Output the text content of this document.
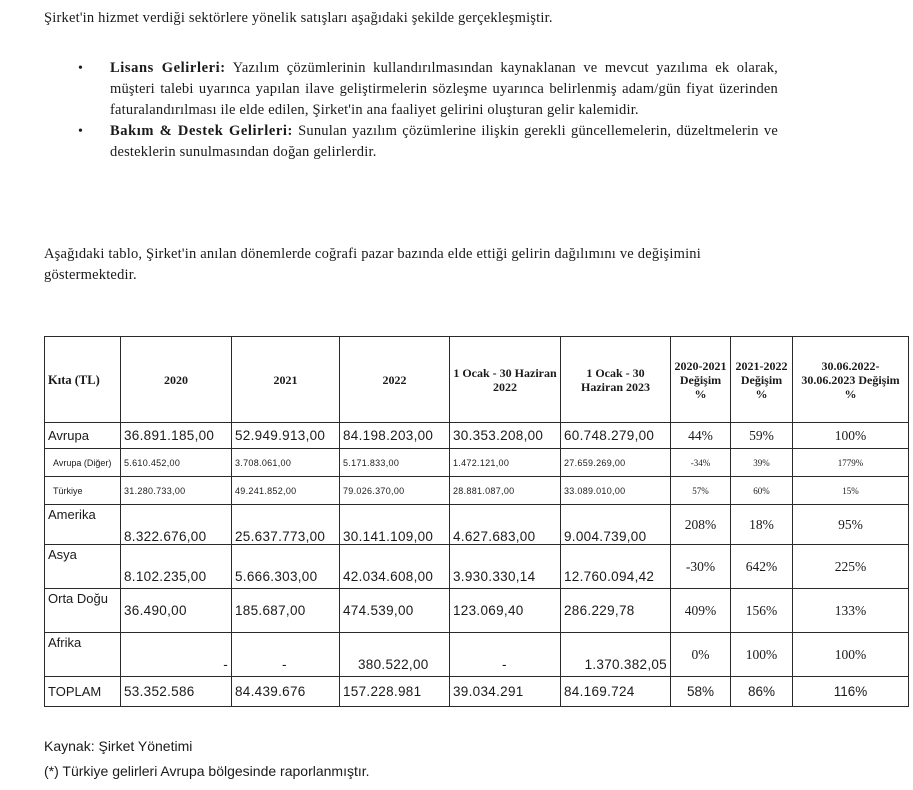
Şirket'in hizmet verdiği sektörlere yönelik satışları aşağıdaki şekilde gerçekleşmiştir.
• Lisans Gelirleri: Yazılım çözümlerinin kullandırılmasından kaynaklanan ve mevcut yazılıma ek olarak, müşteri talebi uyarınca yapılan ilave geliştirmelerin sözleşme uyarınca belirlenmiş adam/gün fiyat üzerinden faturalandırılması ile elde edilen, Şirket'in ana faaliyet gelirini oluşturan gelir kalemidir.
• Bakım & Destek Gelirleri: Sunulan yazılım çözümlerine ilişkin gerekli güncellemelerin, düzeltmelerin ve desteklerin sunulmasından doğan gelirlerdir.
Aşağıdaki tablo, Şirket'in anılan dönemlerde coğrafi pazar bazında elde ettiği gelirin dağılımını ve değişimini göstermektedir.
Kıta (TL)	2020	2021	2022	1 Ocak - 30 Haziran 2022	1 Ocak - 30 Haziran 2023	2020-2021 Değişim %	2021-2022 Değişim %	30.06.2022-30.06.2023 Değişim %
Avrupa	36.891.185,00	52.949.913,00	84.198.203,00	30.353.208,00	60.748.279,00	44%	59%	100%
Avrupa (Diğer)	5.610.452,00	3.708.061,00	5.171.833,00	1.472.121,00	27.659.269,00	-34%	39%	1779%
Türkiye	31.280.733,00	49.241.852,00	79.026.370,00	28.881.087,00	33.089.010,00	57%	60%	15%
Amerika	8.322.676,00	25.637.773,00	30.141.109,00	4.627.683,00	9.004.739,00	208%	18%	95%
Asya	8.102.235,00	5.666.303,00	42.034.608,00	3.930.330,14	12.760.094,42	-30%	642%	225%
Orta Doğu	36.490,00	185.687,00	474.539,00	123.069,40	286.229,78	409%	156%	133%
Afrika	-	-	380.522,00	-	1.370.382,05	0%	100%	100%
TOPLAM	53.352.586	84.439.676	157.228.981	39.034.291	84.169.724	58%	86%	116%
Kaynak: Şirket Yönetimi
(*) Türkiye gelirleri Avrupa bölgesinde raporlanmıştır.
